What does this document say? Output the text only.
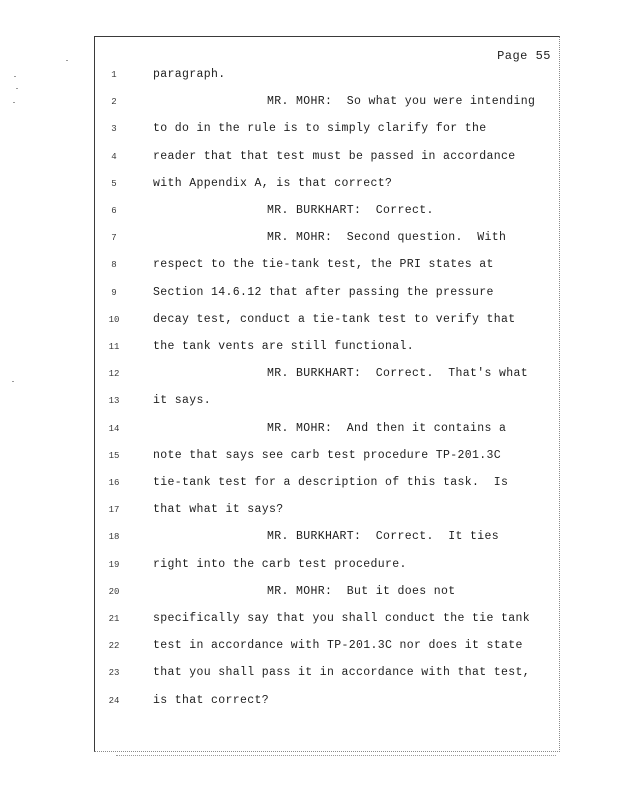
Page 55
1	paragraph.
2	MR. MOHR:  So what you were intending
3	to do in the rule is to simply clarify for the
4	reader that that test must be passed in accordance
5	with Appendix A, is that correct?
6	MR. BURKHART:  Correct.
7	MR. MOHR:  Second question.  With
8	respect to the tie-tank test, the PRI states at
9	Section 14.6.12 that after passing the pressure
10	decay test, conduct a tie-tank test to verify that
11	the tank vents are still functional.
12	MR. BURKHART:  Correct.  That's what
13	it says.
14	MR. MOHR:  And then it contains a
15	note that says see carb test procedure TP-201.3C
16	tie-tank test for a description of this task.  Is
17	that what it says?
18	MR. BURKHART:  Correct.  It ties
19	right into the carb test procedure.
20	MR. MOHR:  But it does not
21	specifically say that you shall conduct the tie tank
22	test in accordance with TP-201.3C nor does it state
23	that you shall pass it in accordance with that test,
24	is that correct?
